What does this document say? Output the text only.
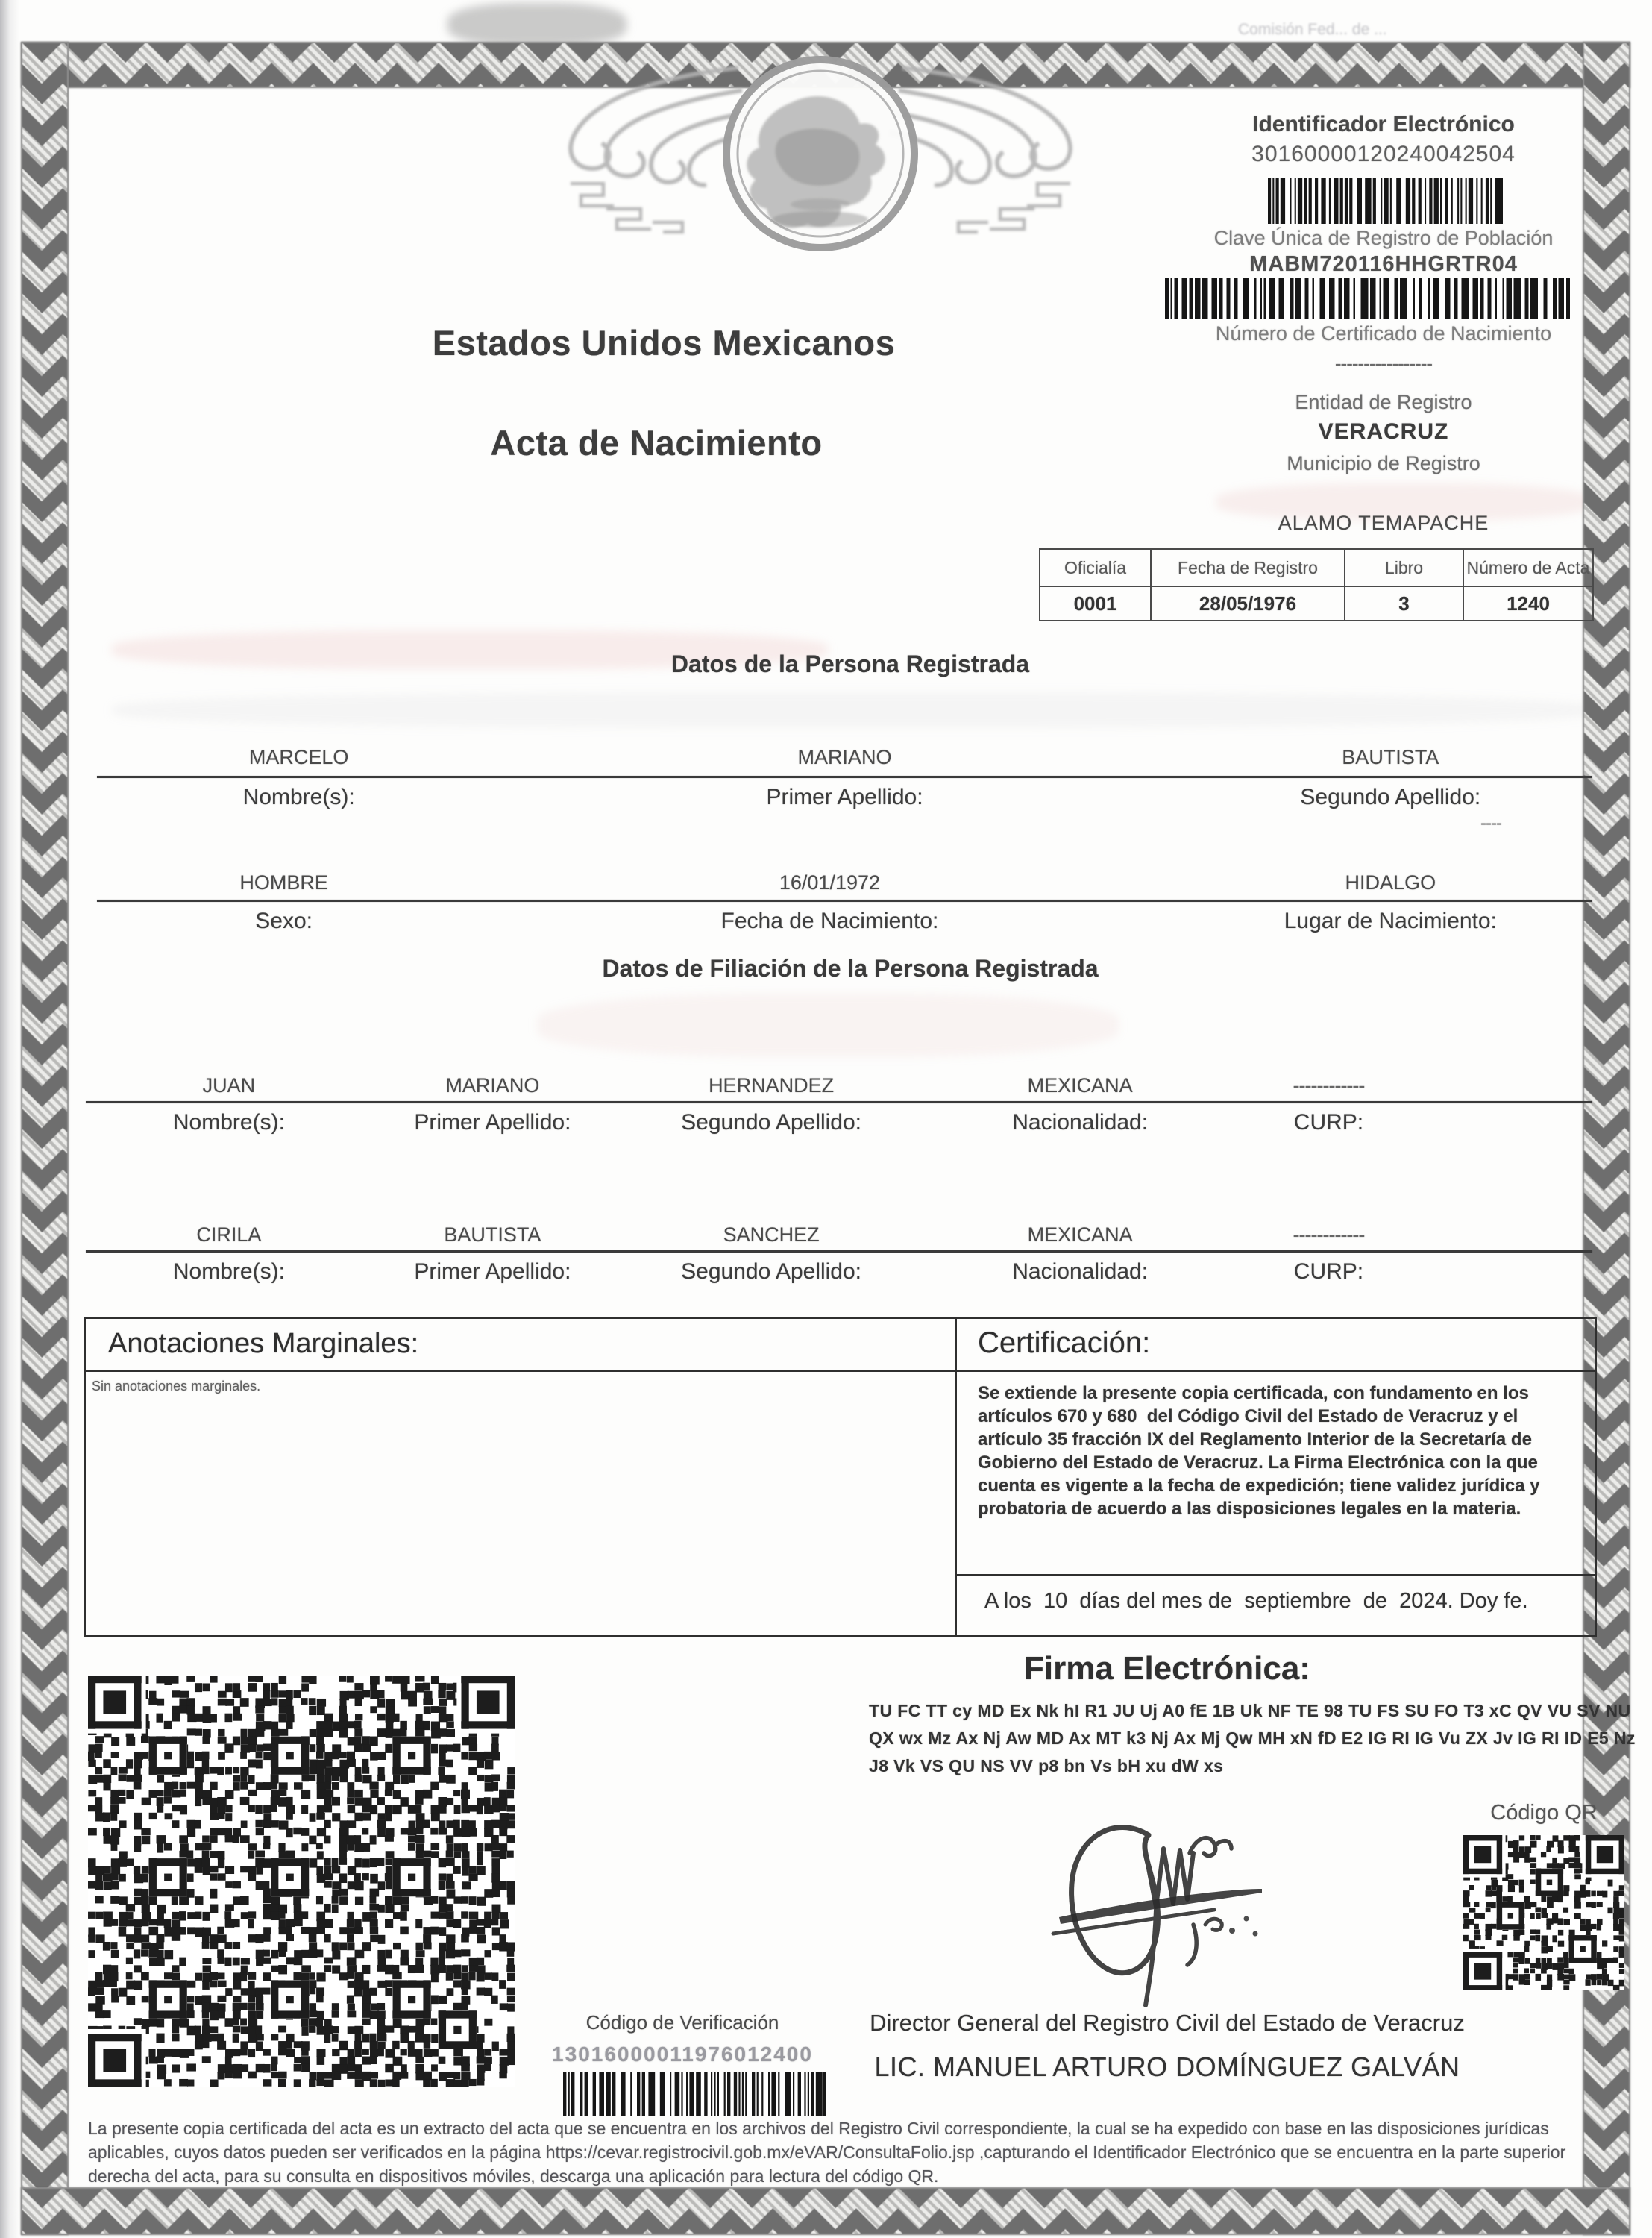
Comisión Fed... de ...
Identificador Electrónico
30160000120240042504
Clave Única de Registro de Población
MABM720116HHGRTR04
Número de Certificado de Nacimiento
-----------------
Entidad de Registro
VERACRUZ
Municipio de Registro
ALAMO TEMAPACHE
Oficialía	Fecha de Registro	Libro	Número de Acta
0001	28/05/1976	3	1240
Estados Unidos Mexicanos
Acta de Nacimiento
Datos de la Persona Registrada
MARCELO	MARIANO	BAUTISTA
Nombre(s):	Primer Apellido:	Segundo Apellido:
----
HOMBRE	16/01/1972	HIDALGO
Sexo:	Fecha de Nacimiento:	Lugar de Nacimiento:
Datos de Filiación de la Persona Registrada
JUAN	MARIANO	HERNANDEZ	MEXICANA	------------
Nombre(s):	Primer Apellido:	Segundo Apellido:	Nacionalidad:	CURP:
CIRILA	BAUTISTA	SANCHEZ	MEXICANA	------------
Nombre(s):	Primer Apellido:	Segundo Apellido:	Nacionalidad:	CURP:
Anotaciones Marginales:
Sin anotaciones marginales.
Certificación:
Se extiende la presente copia certificada, con fundamento en los artículos 670 y 680  del Código Civil del Estado de Veracruz y el artículo 35 fracción IX del Reglamento Interior de la Secretaría de Gobierno del Estado de Veracruz. La Firma Electrónica con la que cuenta es vigente a la fecha de expedición; tiene validez jurídica y probatoria de acuerdo a las disposiciones legales en la materia.
A los  10  días del mes de  septiembre  de  2024. Doy fe.
Firma Electrónica:
TU FC TT cy MD Ex Nk hI R1 JU Uj A0 fE 1B Uk NF TE 98 TU FS SU FO T3 xC QV VU SV NU
QX wx Mz Ax Nj Aw MD Ax MT k3 Nj Ax Mj Qw MH xN fD E2 IG RI IG Vu ZX Jv IG RI ID E5 Nz
J8 Vk VS QU NS VV p8 bn Vs bH xu dW xs
Código QR
Código de Verificación
13016000011976012400
Director General del Registro Civil del Estado de Veracruz
LIC. MANUEL ARTURO DOMÍNGUEZ GALVÁN
La presente copia certificada del acta es un extracto del acta que se encuentra en los archivos del Registro Civil correspondiente, la cual se ha expedido con base en las disposiciones jurídicas
aplicables, cuyos datos pueden ser verificados en la página https://cevar.registrocivil.gob.mx/eVAR/ConsultaFolio.jsp ,capturando el Identificador Electrónico que se encuentra en la parte superior
derecha del acta, para su consulta en dispositivos móviles, descarga una aplicación para lectura del código QR.
